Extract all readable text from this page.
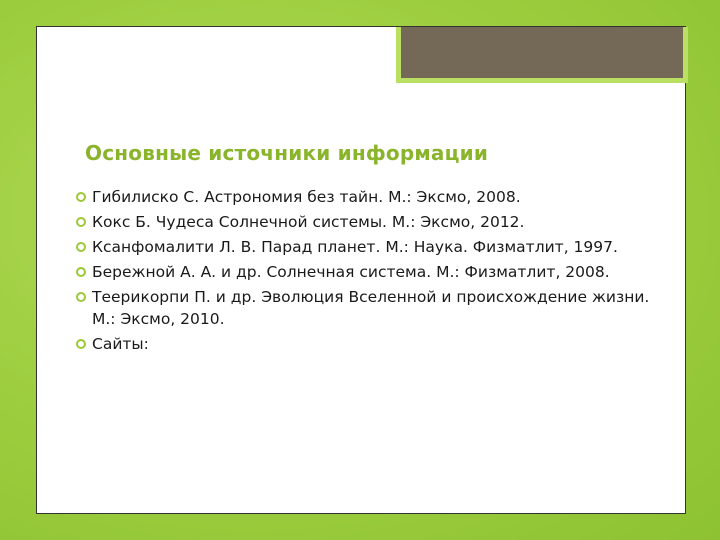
Основные источники информации
Гибилиско С. Астрономия без тайн. М.: Эксмо, 2008.
Кокс Б. Чудеса Солнечной системы. М.: Эксмо, 2012.
Ксанфомалити Л. В. Парад планет. М.: Наука. Физматлит, 1997.
Бережной А. А. и др. Солнечная система. М.: Физматлит, 2008.
Теерикорпи П. и др. Эволюция Вселенной и происхождение жизни. М.: Эксмо, 2010.
Сайты:
